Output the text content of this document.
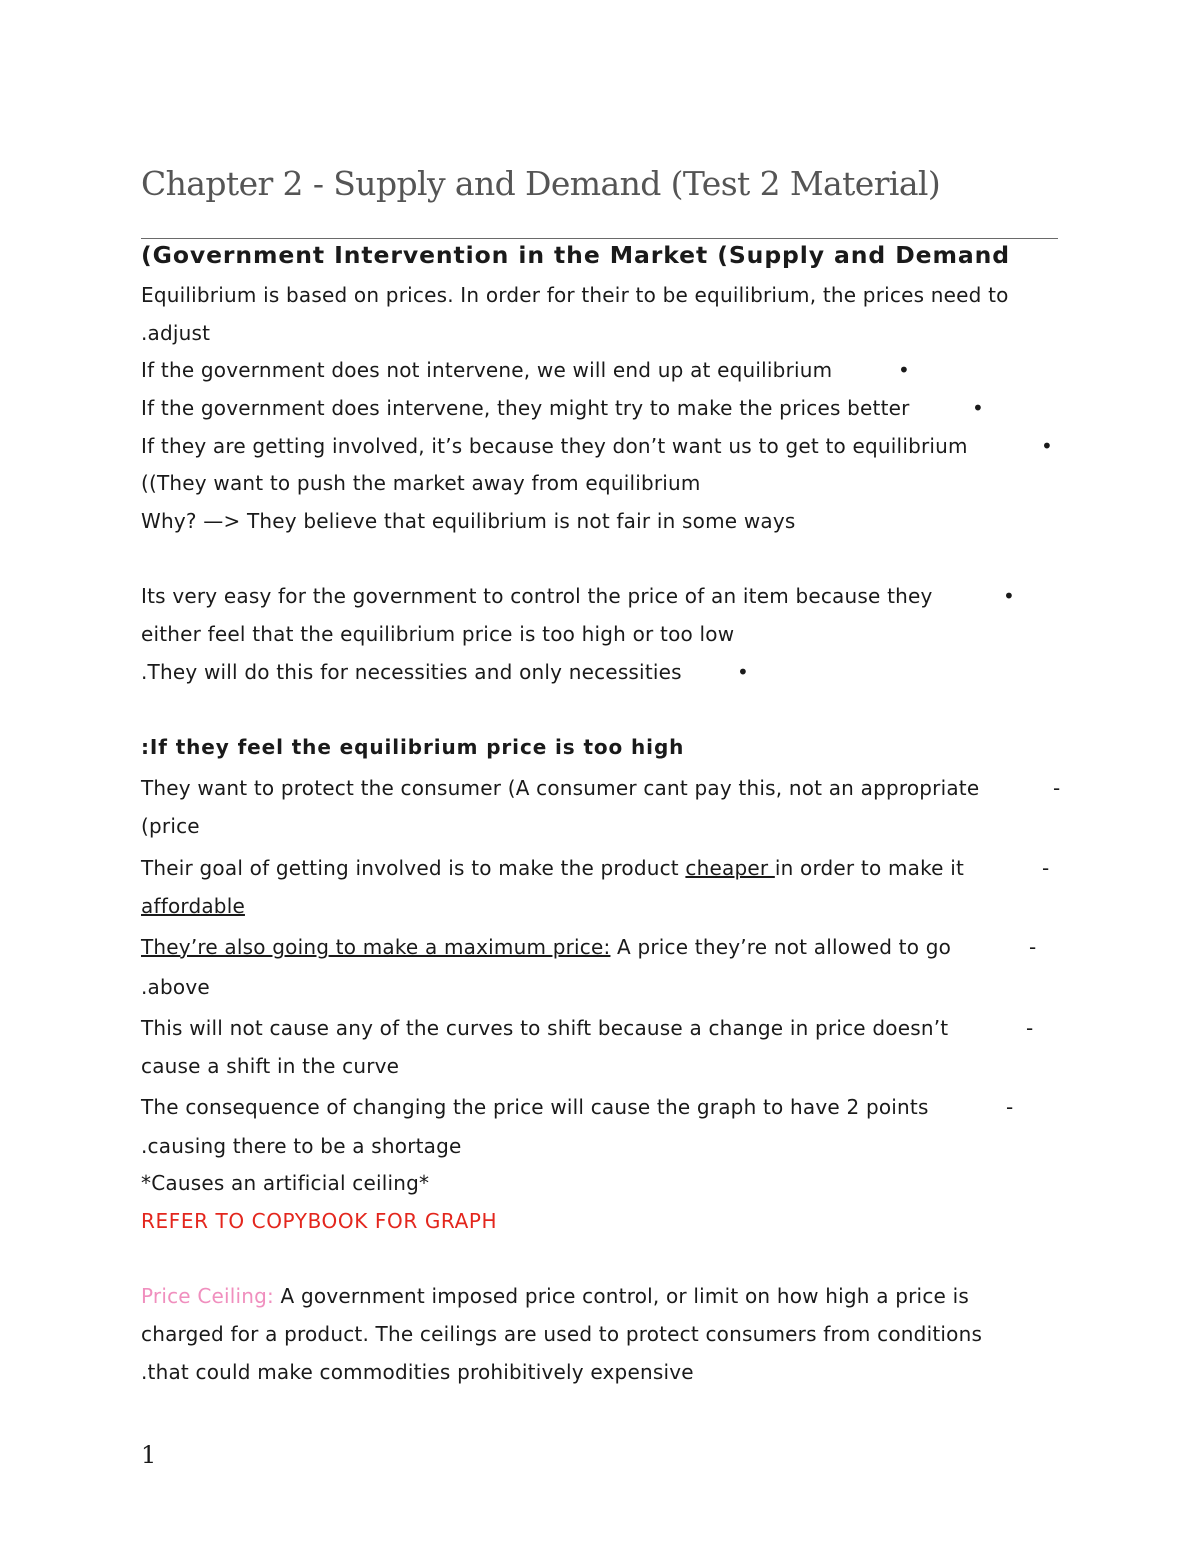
Chapter 2 - Supply and Demand (Test 2 Material)
(Government Intervention in the Market (Supply and Demand
Equilibrium is based on prices. In order for their to be equilibrium, the prices need to
.adjust
If the government does not intervene, we will end up at equilibrium	•
If the government does intervene, they might try to make the prices better	•
If they are getting involved, it’s because they don’t want us to get to equilibrium	•
((They want to push the market away from equilibrium
Why? —> They believe that equilibrium is not fair in some ways
Its very easy for the government to control the price of an item because they	•
either feel that the equilibrium price is too high or too low
.They will do this for necessities and only necessities	•
:If they feel the equilibrium price is too high
They want to protect the consumer (A consumer cant pay this, not an appropriate	-
(price
Their goal of getting involved is to make the product cheaper in order to make it	-
affordable
They’re also going to make a maximum price: A price they’re not allowed to go	-
.above
This will not cause any of the curves to shift because a change in price doesn’t	-
cause a shift in the curve
The consequence of changing the price will cause the graph to have 2 points	-
.causing there to be a shortage
*Causes an artificial ceiling*
REFER TO COPYBOOK FOR GRAPH
Price Ceiling: A government imposed price control, or limit on how high a price is
charged for a product. The ceilings are used to protect consumers from conditions
.that could make commodities prohibitively expensive
1
